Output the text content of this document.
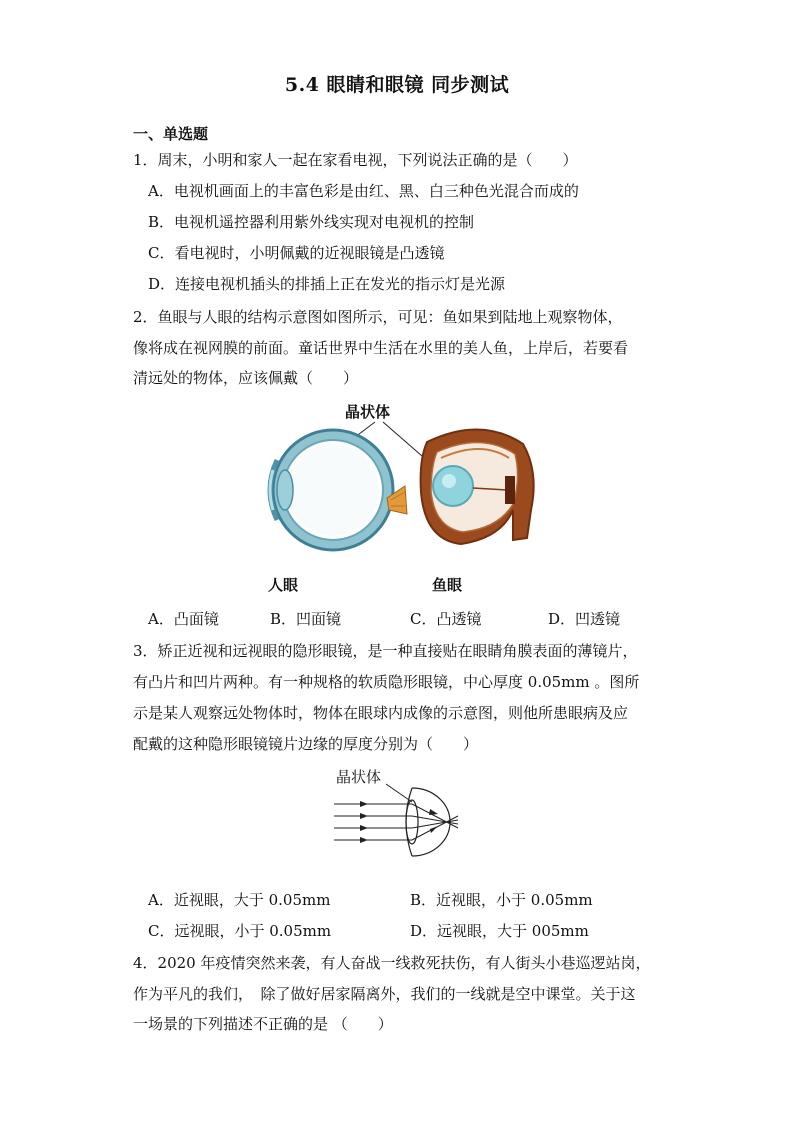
5.4 眼睛和眼镜 同步测试
一、单选题
1．周末，小明和家人一起在家看电视，下列说法正确的是（　　）
A．电视机画面上的丰富色彩是由红、黑、白三种色光混合而成的
B．电视机遥控器利用紫外线实现对电视机的控制
C．看电视时，小明佩戴的近视眼镜是凸透镜
D．连接电视机插头的排插上正在发光的指示灯是光源
2．鱼眼与人眼的结构示意图如图所示，可见：鱼如果到陆地上观察物体，
像将成在视网膜的前面。童话世界中生活在水里的美人鱼，上岸后，若要看
清远处的物体，应该佩戴（　　）
晶状体
人眼	鱼眼
A．凸面镜	B．凹面镜	C．凸透镜	D．凹透镜
3．矫正近视和远视眼的隐形眼镜，是一种直接贴在眼睛角膜表面的薄镜片，
有凸片和凹片两种。有一种规格的软质隐形眼镜，中心厚度 0.05mm 。图所
示是某人观察远处物体时，物体在眼球内成像的示意图，则他所患眼病及应
配戴的这种隐形眼镜镜片边缘的厚度分别为（　　）
晶状体
A．近视眼，大于 0.05mm	B．近视眼，小于 0.05mm
C．远视眼，小于 0.05mm	D．远视眼，大于 005mm
4．2020 年疫情突然来袭，有人奋战一线救死扶伤，有人街头小巷巡逻站岗，
作为平凡的我们，　除了做好居家隔离外，我们的一线就是空中课堂。关于这
一场景的下列描述不正确的是 （　　）
